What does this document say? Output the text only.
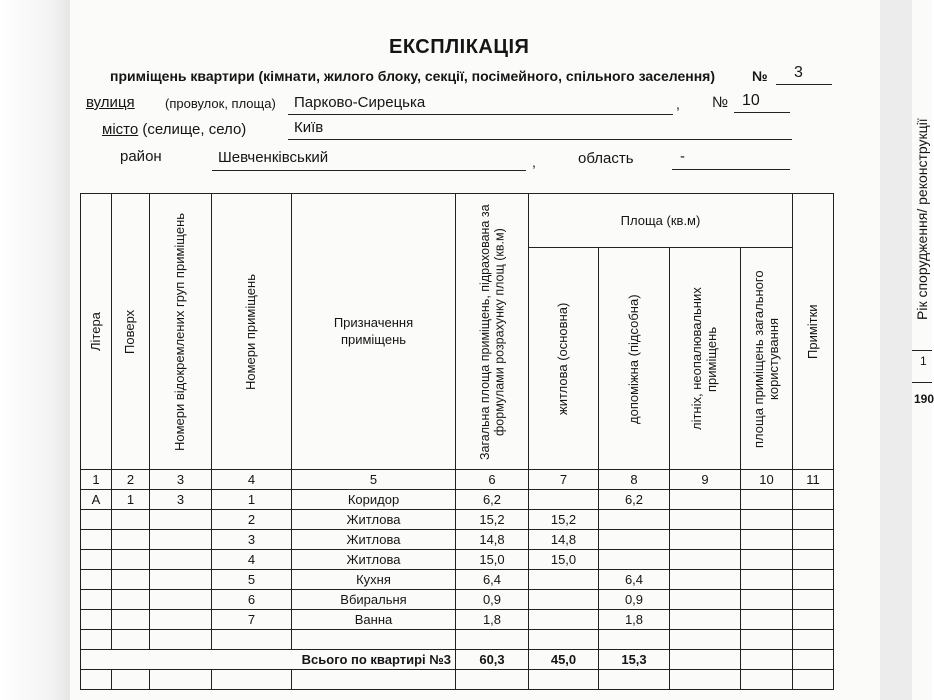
ЕКСПЛІКАЦІЯ
приміщень квартири (кімнати, жилого блоку, секції, посімейного, спільного заселення)	№ 3
вулиця (провулок, площа) Парково-Сирецька	, № 10
місто (селище, село)	Київ
район	Шевченківський	,	область	-
Літера	Поверх	Номери відокремлених груп приміщень	Номери приміщень	Призначення приміщень	Загальна площа приміщень, підрахована за формулами розрахунку площ (кв.м)	Площа (кв.м)				Примітки

						житлова (основна)	допоміжна (підсобна)	літніх, неопалювальних приміщень	площа приміщень загального користування	

1	2	3	4	5	6	7	8	9	10	11
А	1	3	1	Коридор	6,2		6,2			
			2	Житлова	15,2	15,2				
			3	Житлова	14,8	14,8				
			4	Житлова	15,0	15,0				
			5	Кухня	6,4		6,4			
			6	Вбиральня	0,9		0,9			
			7	Ванна	1,8		1,8			

Всього по квартирі №3					60,3	45,0	15,3			

Рік спорудження/ реконструкції
1
190
